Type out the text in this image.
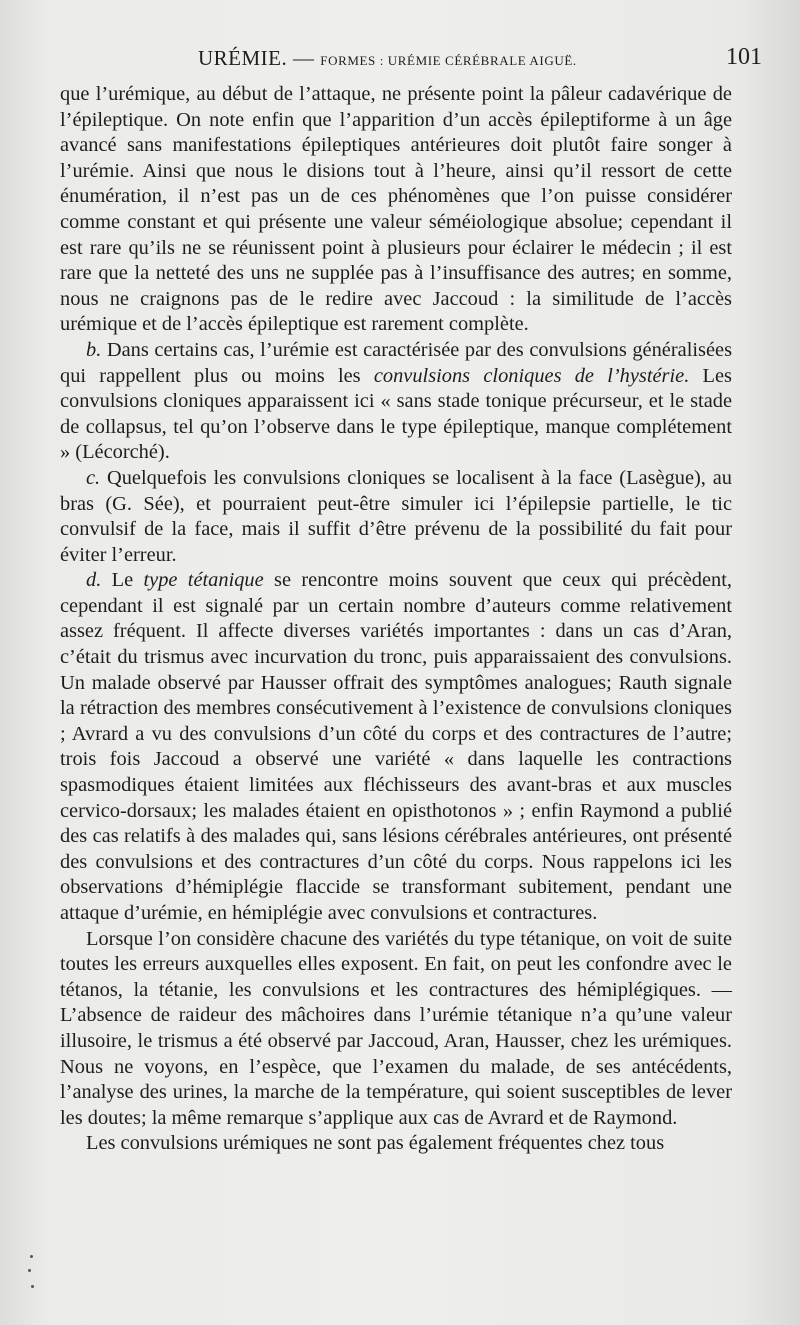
URÉMIE. — FORMES : URÉMIE CÉRÉBRALE AIGUË.	101

que l’urémique, au début de l’attaque, ne présente point la pâleur cadavérique de l’épileptique. On note enfin que l’apparition d’un accès épileptiforme à un âge avancé sans manifestations épileptiques antérieures doit plutôt faire songer à l’urémie. Ainsi que nous le disions tout à l’heure, ainsi qu’il ressort de cette énumération, il n’est pas un de ces phénomènes que l’on puisse considérer comme constant et qui présente une valeur séméiologique absolue; cependant il est rare qu’ils ne se réunissent point à plusieurs pour éclairer le médecin ; il est rare que la netteté des uns ne supplée pas à l’insuffisance des autres; en somme, nous ne craignons pas de le redire avec Jaccoud : la similitude de l’accès urémique et de l’accès épileptique est rarement complète.

b. Dans certains cas, l’urémie est caractérisée par des convulsions généralisées qui rappellent plus ou moins les convulsions cloniques de l’hystérie. Les convulsions cloniques apparaissent ici « sans stade tonique précurseur, et le stade de collapsus, tel qu’on l’observe dans le type épileptique, manque complétement » (Lécorché).

c. Quelquefois les convulsions cloniques se localisent à la face (Lasègue), au bras (G. Sée), et pourraient peut-être simuler ici l’épilepsie partielle, le tic convulsif de la face, mais il suffit d’être prévenu de la possibilité du fait pour éviter l’erreur.

d. Le type tétanique se rencontre moins souvent que ceux qui précèdent, cependant il est signalé par un certain nombre d’auteurs comme relativement assez fréquent. Il affecte diverses variétés importantes : dans un cas d’Aran, c’était du trismus avec incurvation du tronc, puis apparaissaient des convulsions. Un malade observé par Hausser offrait des symptômes analogues; Rauth signale la rétraction des membres consécutivement à l’existence de convulsions cloniques ; Avrard a vu des convulsions d’un côté du corps et des contractures de l’autre; trois fois Jaccoud a observé une variété « dans laquelle les contractions spasmodiques étaient limitées aux fléchisseurs des avant-bras et aux muscles cervico-dorsaux; les malades étaient en opisthotonos » ; enfin Raymond a publié des cas relatifs à des malades qui, sans lésions cérébrales antérieures, ont présenté des convulsions et des contractures d’un côté du corps. Nous rappelons ici les observations d’hémiplégie flaccide se transformant subitement, pendant une attaque d’urémie, en hémiplégie avec convulsions et contractures.

Lorsque l’on considère chacune des variétés du type tétanique, on voit de suite toutes les erreurs auxquelles elles exposent. En fait, on peut les confondre avec le tétanos, la tétanie, les convulsions et les contractures des hémiplégiques. — L’absence de raideur des mâchoires dans l’urémie tétanique n’a qu’une valeur illusoire, le trismus a été observé par Jaccoud, Aran, Hausser, chez les urémiques. Nous ne voyons, en l’espèce, que l’examen du malade, de ses antécédents, l’analyse des urines, la marche de la température, qui soient susceptibles de lever les doutes; la même remarque s’applique aux cas de Avrard et de Raymond.

Les convulsions urémiques ne sont pas également fréquentes chez tous
